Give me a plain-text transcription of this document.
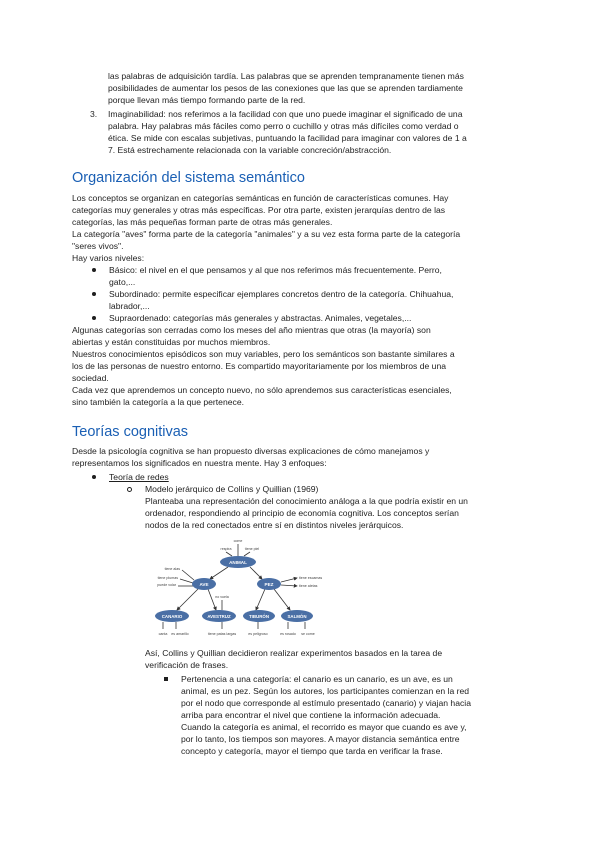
las palabras de adquisición tardía. Las palabras que se aprenden tempranamente tienen más
posibilidades de aumentar los pesos de las conexiones que las que se aprenden tardiamente
porque llevan más tiempo formando parte de la red.
3. Imaginabilidad: nos referimos a la facilidad con que uno puede imaginar el significado de una
palabra. Hay palabras más fáciles como perro o cuchillo y otras más difíciles como verdad o
ética. Se mide con escalas subjetivas, puntuando la facilidad para imaginar con valores de 1 a
7. Está estrechamente relacionada con la variable concreción/abstracción.
Organización del sistema semántico
Los conceptos se organizan en categorías semánticas en función de características comunes. Hay
categorías muy generales y otras más específicas. Por otra parte, existen jerarquías dentro de las
categorías, las más pequeñas forman parte de otras más generales.
La categoría "aves" forma parte de la categoría "animales" y a su vez esta forma parte de la categoría
"seres vivos".
Hay varios niveles:
Básico: el nivel en el que pensamos y al que nos referimos más frecuentemente. Perro,
gato,...
Subordinado: permite especificar ejemplares concretos dentro de la categoría. Chihuahua,
labrador,...
Supraordenado: categorías más generales y abstractas. Animales, vegetales,...
Algunas categorías son cerradas como los meses del año mientras que otras (la mayoría) son
abiertas y están constituidas por muchos miembros.
Nuestros conocimientos episódicos son muy variables, pero los semánticos son bastante similares a
los de las personas de nuestro entorno. Es compartido mayoritariamente por los miembros de una
sociedad.
Cada vez que aprendemos un concepto nuevo, no sólo aprendemos sus características esenciales,
sino también la categoría a la que pertenece.
Teorías cognitivas
Desde la psicología cognitiva se han propuesto diversas explicaciones de cómo manejamos y
representamos los significados en nuestra mente. Hay 3 enfoques:
Teoría de redes
Modelo jerárquico de Collins y Quillian (1969)
Planteaba una representación del conocimiento análoga a la que podría existir en un
ordenador, respondiendo al principio de economía cognitiva. Los conceptos serían
nodos de la red conectados entre sí en distintos niveles jerárquicos.
ANIMAL
AVE	PEZ
CANARIO	AVESTRUZ	TIBURÓN	SALMÓN
come
respira	tiene piel
tiene alas
tiene plumas
puede volar
tiene escamas
tiene aletas
no vuela
canta es amarillo	tiene patas largas	es peligroso	es rosado se come
Así, Collins y Quillian decidieron realizar experimentos basados en la tarea de
verificación de frases.
Pertenencia a una categoría: el canario es un canario, es un ave, es un
animal, es un pez. Según los autores, los participantes comienzan en la red
por el nodo que corresponde al estímulo presentado (canario) y viajan hacia
arriba para encontrar el nivel que contiene la información adecuada.
Cuando la categoría es animal, el recorrido es mayor que cuando es ave y,
por lo tanto, los tiempos son mayores. A mayor distancia semántica entre
concepto y categoría, mayor el tiempo que tarda en verificar la frase.
